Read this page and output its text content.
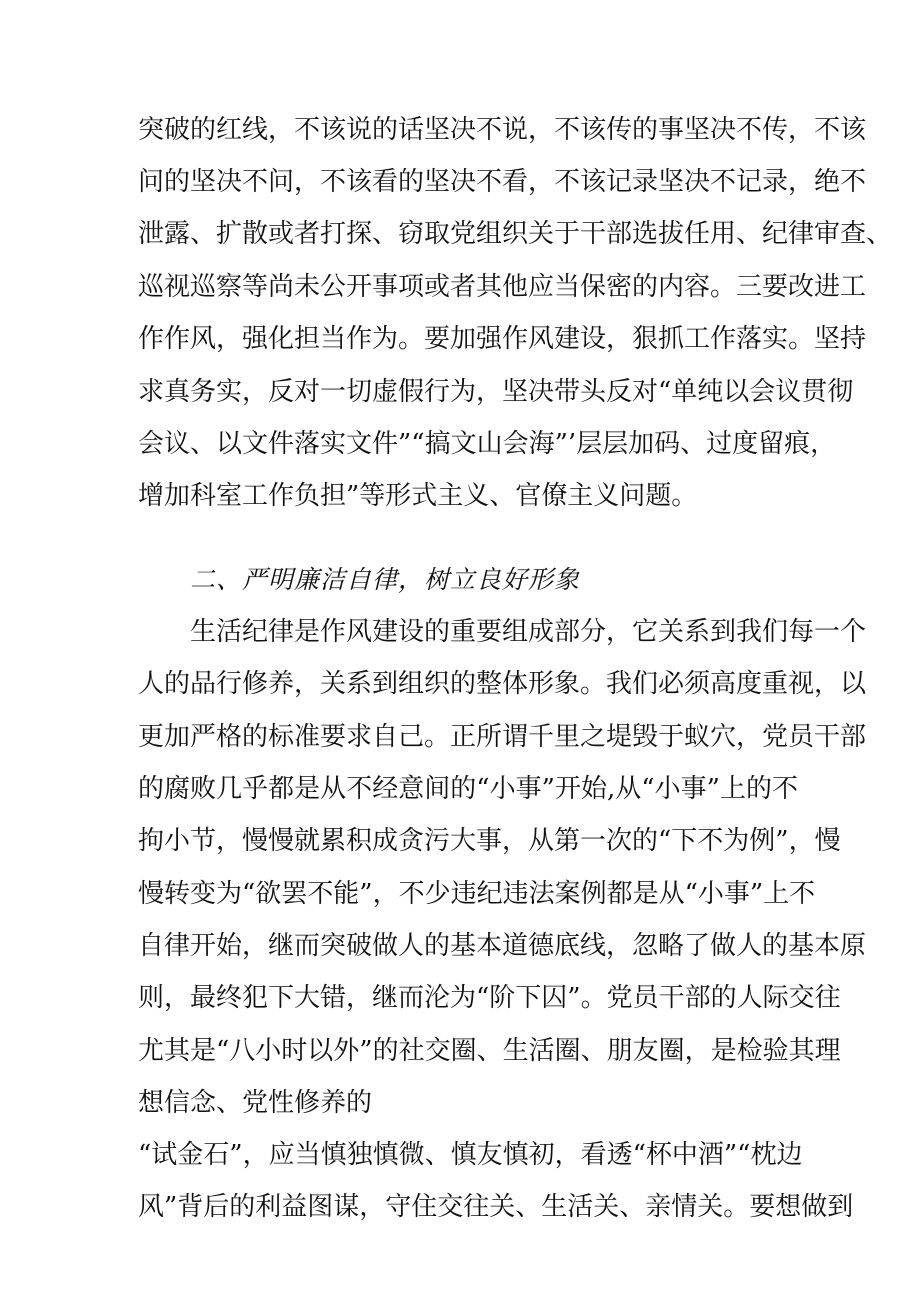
突破的红线，不该说的话坚决不说，不该传的事坚决不传，不该
问的坚决不问，不该看的坚决不看，不该记录坚决不记录，绝不
泄露、扩散或者打探、窃取党组织关于干部选拔任用、纪律审查、
巡视巡察等尚未公开事项或者其他应当保密的内容。三要改进工
作作风，强化担当作为。要加强作风建设，狠抓工作落实。坚持
求真务实，反对一切虚假行为，坚决带头反对“单纯以会议贯彻
会议、以文件落实文件”“搞文山会海”’层层加码、过度留痕，
增加科室工作负担”等形式主义、官僚主义问题。
二、严明廉洁自律，树立良好形象
生活纪律是作风建设的重要组成部分，它关系到我们每一个
人的品行修养，关系到组织的整体形象。我们必须高度重视，以
更加严格的标准要求自己。正所谓千里之堤毁于蚁穴，党员干部
的腐败几乎都是从不经意间的“小事”开始,从“小事”上的不
拘小节，慢慢就累积成贪污大事，从第一次的“下不为例”，慢
慢转变为“欲罢不能”，不少违纪违法案例都是从“小事”上不
自律开始，继而突破做人的基本道德底线，忽略了做人的基本原
则，最终犯下大错，继而沦为“阶下囚”。党员干部的人际交往
尤其是“八小时以外”的社交圈、生活圈、朋友圈，是检验其理
想信念、党性修养的
“试金石”，应当慎独慎微、慎友慎初，看透“杯中酒”“枕边
风”背后的利益图谋，守住交往关、生活关、亲情关。要想做到
